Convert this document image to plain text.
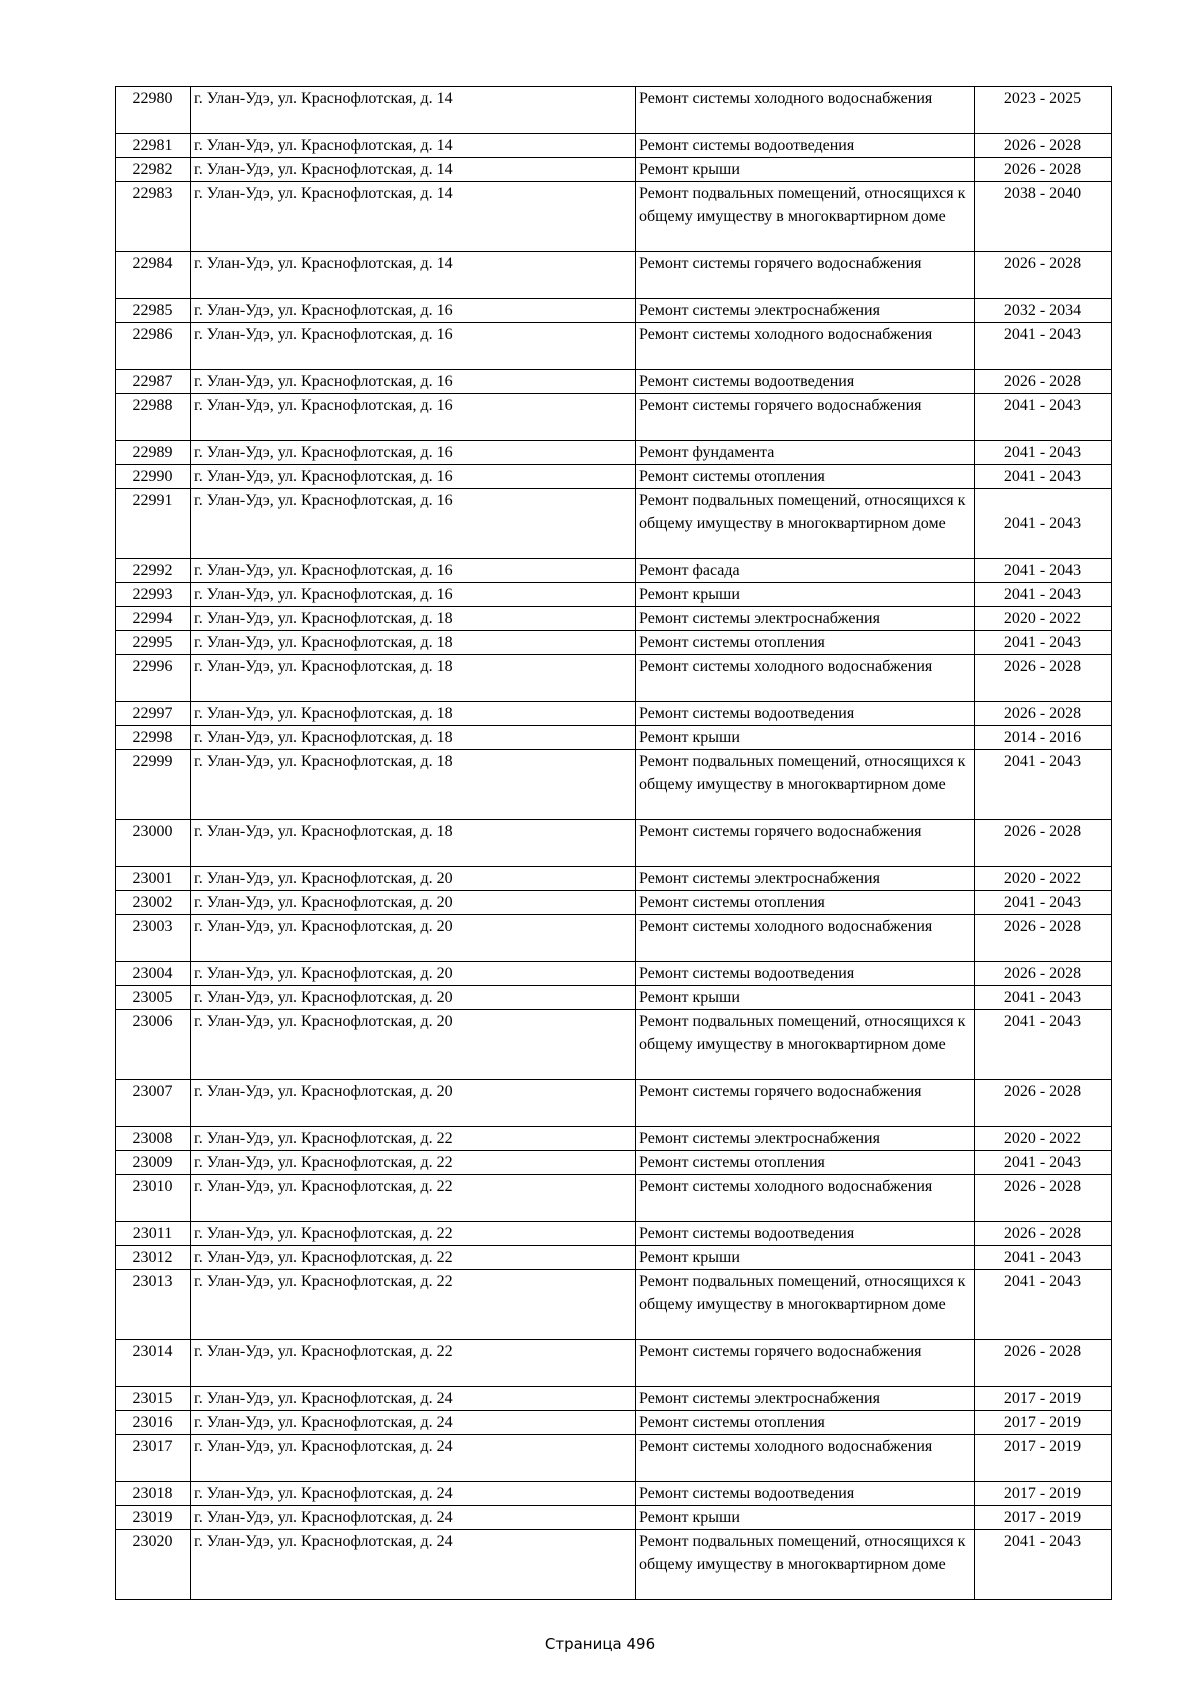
22980	г. Улан-Удэ, ул. Краснофлотская, д. 14	Ремонт системы холодного водоснабжения	2023 - 2025
22981	г. Улан-Удэ, ул. Краснофлотская, д. 14	Ремонт системы водоотведения	2026 - 2028
22982	г. Улан-Удэ, ул. Краснофлотская, д. 14	Ремонт крыши	2026 - 2028
22983	г. Улан-Удэ, ул. Краснофлотская, д. 14	Ремонт подвальных помещений, относящихся к общему имуществу в многоквартирном доме	2038 - 2040
22984	г. Улан-Удэ, ул. Краснофлотская, д. 14	Ремонт системы горячего водоснабжения	2026 - 2028
22985	г. Улан-Удэ, ул. Краснофлотская, д. 16	Ремонт системы электроснабжения	2032 - 2034
22986	г. Улан-Удэ, ул. Краснофлотская, д. 16	Ремонт системы холодного водоснабжения	2041 - 2043
22987	г. Улан-Удэ, ул. Краснофлотская, д. 16	Ремонт системы водоотведения	2026 - 2028
22988	г. Улан-Удэ, ул. Краснофлотская, д. 16	Ремонт системы горячего водоснабжения	2041 - 2043
22989	г. Улан-Удэ, ул. Краснофлотская, д. 16	Ремонт фундамента	2041 - 2043
22990	г. Улан-Удэ, ул. Краснофлотская, д. 16	Ремонт системы отопления	2041 - 2043
22991	г. Улан-Удэ, ул. Краснофлотская, д. 16	Ремонт подвальных помещений, относящихся к общему имуществу в многоквартирном доме	2041 - 2043
22992	г. Улан-Удэ, ул. Краснофлотская, д. 16	Ремонт фасада	2041 - 2043
22993	г. Улан-Удэ, ул. Краснофлотская, д. 16	Ремонт крыши	2041 - 2043
22994	г. Улан-Удэ, ул. Краснофлотская, д. 18	Ремонт системы электроснабжения	2020 - 2022
22995	г. Улан-Удэ, ул. Краснофлотская, д. 18	Ремонт системы отопления	2041 - 2043
22996	г. Улан-Удэ, ул. Краснофлотская, д. 18	Ремонт системы холодного водоснабжения	2026 - 2028
22997	г. Улан-Удэ, ул. Краснофлотская, д. 18	Ремонт системы водоотведения	2026 - 2028
22998	г. Улан-Удэ, ул. Краснофлотская, д. 18	Ремонт крыши	2014 - 2016
22999	г. Улан-Удэ, ул. Краснофлотская, д. 18	Ремонт подвальных помещений, относящихся к общему имуществу в многоквартирном доме	2041 - 2043
23000	г. Улан-Удэ, ул. Краснофлотская, д. 18	Ремонт системы горячего водоснабжения	2026 - 2028
23001	г. Улан-Удэ, ул. Краснофлотская, д. 20	Ремонт системы электроснабжения	2020 - 2022
23002	г. Улан-Удэ, ул. Краснофлотская, д. 20	Ремонт системы отопления	2041 - 2043
23003	г. Улан-Удэ, ул. Краснофлотская, д. 20	Ремонт системы холодного водоснабжения	2026 - 2028
23004	г. Улан-Удэ, ул. Краснофлотская, д. 20	Ремонт системы водоотведения	2026 - 2028
23005	г. Улан-Удэ, ул. Краснофлотская, д. 20	Ремонт крыши	2041 - 2043
23006	г. Улан-Удэ, ул. Краснофлотская, д. 20	Ремонт подвальных помещений, относящихся к общему имуществу в многоквартирном доме	2041 - 2043
23007	г. Улан-Удэ, ул. Краснофлотская, д. 20	Ремонт системы горячего водоснабжения	2026 - 2028
23008	г. Улан-Удэ, ул. Краснофлотская, д. 22	Ремонт системы электроснабжения	2020 - 2022
23009	г. Улан-Удэ, ул. Краснофлотская, д. 22	Ремонт системы отопления	2041 - 2043
23010	г. Улан-Удэ, ул. Краснофлотская, д. 22	Ремонт системы холодного водоснабжения	2026 - 2028
23011	г. Улан-Удэ, ул. Краснофлотская, д. 22	Ремонт системы водоотведения	2026 - 2028
23012	г. Улан-Удэ, ул. Краснофлотская, д. 22	Ремонт крыши	2041 - 2043
23013	г. Улан-Удэ, ул. Краснофлотская, д. 22	Ремонт подвальных помещений, относящихся к общему имуществу в многоквартирном доме	2041 - 2043
23014	г. Улан-Удэ, ул. Краснофлотская, д. 22	Ремонт системы горячего водоснабжения	2026 - 2028
23015	г. Улан-Удэ, ул. Краснофлотская, д. 24	Ремонт системы электроснабжения	2017 - 2019
23016	г. Улан-Удэ, ул. Краснофлотская, д. 24	Ремонт системы отопления	2017 - 2019
23017	г. Улан-Удэ, ул. Краснофлотская, д. 24	Ремонт системы холодного водоснабжения	2017 - 2019
23018	г. Улан-Удэ, ул. Краснофлотская, д. 24	Ремонт системы водоотведения	2017 - 2019
23019	г. Улан-Удэ, ул. Краснофлотская, д. 24	Ремонт крыши	2017 - 2019
23020	г. Улан-Удэ, ул. Краснофлотская, д. 24	Ремонт подвальных помещений, относящихся к общему имуществу в многоквартирном доме	2041 - 2043
Страница 496
